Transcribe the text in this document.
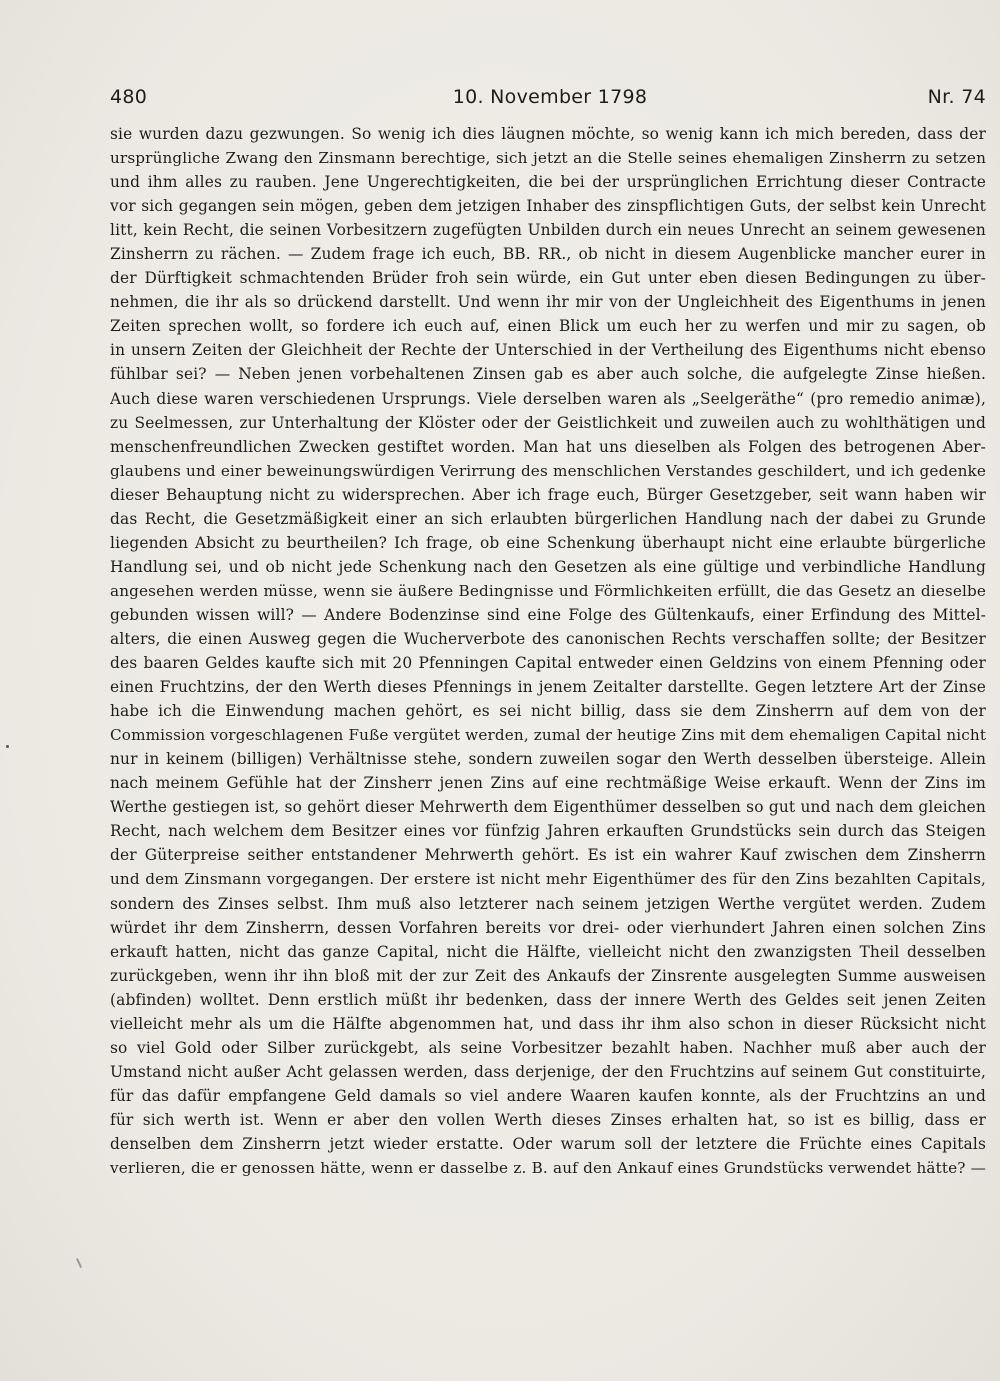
480	10. November 1798	Nr. 74
sie wurden dazu gezwungen. So wenig ich dies läugnen möchte, so wenig kann ich mich bereden, dass der
ursprüngliche Zwang den Zinsmann berechtige, sich jetzt an die Stelle seines ehemaligen Zinsherrn zu setzen
und ihm alles zu rauben. Jene Ungerechtigkeiten, die bei der ursprünglichen Errichtung dieser Contracte
vor sich gegangen sein mögen, geben dem jetzigen Inhaber des zinspflichtigen Guts, der selbst kein Unrecht
litt, kein Recht, die seinen Vorbesitzern zugefügten Unbilden durch ein neues Unrecht an seinem gewesenen
Zinsherrn zu rächen. — Zudem frage ich euch, BB. RR., ob nicht in diesem Augenblicke mancher eurer in
der Dürftigkeit schmachtenden Brüder froh sein würde, ein Gut unter eben diesen Bedingungen zu über-
nehmen, die ihr als so drückend darstellt. Und wenn ihr mir von der Ungleichheit des Eigenthums in jenen
Zeiten sprechen wollt, so fordere ich euch auf, einen Blick um euch her zu werfen und mir zu sagen, ob
in unsern Zeiten der Gleichheit der Rechte der Unterschied in der Vertheilung des Eigenthums nicht ebenso
fühlbar sei? — Neben jenen vorbehaltenen Zinsen gab es aber auch solche, die aufgelegte Zinse hießen.
Auch diese waren verschiedenen Ursprungs. Viele derselben waren als „Seelgeräthe“ (pro remedio animæ),
zu Seelmessen, zur Unterhaltung der Klöster oder der Geistlichkeit und zuweilen auch zu wohlthätigen und
menschenfreundlichen Zwecken gestiftet worden. Man hat uns dieselben als Folgen des betrogenen Aber-
glaubens und einer beweinungswürdigen Verirrung des menschlichen Verstandes geschildert, und ich gedenke
dieser Behauptung nicht zu widersprechen. Aber ich frage euch, Bürger Gesetzgeber, seit wann haben wir
das Recht, die Gesetzmäßigkeit einer an sich erlaubten bürgerlichen Handlung nach der dabei zu Grunde
liegenden Absicht zu beurtheilen? Ich frage, ob eine Schenkung überhaupt nicht eine erlaubte bürgerliche
Handlung sei, und ob nicht jede Schenkung nach den Gesetzen als eine gültige und verbindliche Handlung
angesehen werden müsse, wenn sie äußere Bedingnisse und Förmlichkeiten erfüllt, die das Gesetz an dieselbe
gebunden wissen will? — Andere Bodenzinse sind eine Folge des Gültenkaufs, einer Erfindung des Mittel-
alters, die einen Ausweg gegen die Wucherverbote des canonischen Rechts verschaffen sollte; der Besitzer
des baaren Geldes kaufte sich mit 20 Pfenningen Capital entweder einen Geldzins von einem Pfenning oder
einen Fruchtzins, der den Werth dieses Pfennings in jenem Zeitalter darstellte. Gegen letztere Art der Zinse
habe ich die Einwendung machen gehört, es sei nicht billig, dass sie dem Zinsherrn auf dem von der
Commission vorgeschlagenen Fuße vergütet werden, zumal der heutige Zins mit dem ehemaligen Capital nicht
nur in keinem (billigen) Verhältnisse stehe, sondern zuweilen sogar den Werth desselben übersteige. Allein
nach meinem Gefühle hat der Zinsherr jenen Zins auf eine rechtmäßige Weise erkauft. Wenn der Zins im
Werthe gestiegen ist, so gehört dieser Mehrwerth dem Eigenthümer desselben so gut und nach dem gleichen
Recht, nach welchem dem Besitzer eines vor fünfzig Jahren erkauften Grundstücks sein durch das Steigen
der Güterpreise seither entstandener Mehrwerth gehört. Es ist ein wahrer Kauf zwischen dem Zinsherrn
und dem Zinsmann vorgegangen. Der erstere ist nicht mehr Eigenthümer des für den Zins bezahlten Capitals,
sondern des Zinses selbst. Ihm muß also letzterer nach seinem jetzigen Werthe vergütet werden. Zudem
würdet ihr dem Zinsherrn, dessen Vorfahren bereits vor drei- oder vierhundert Jahren einen solchen Zins
erkauft hatten, nicht das ganze Capital, nicht die Hälfte, vielleicht nicht den zwanzigsten Theil desselben
zurückgeben, wenn ihr ihn bloß mit der zur Zeit des Ankaufs der Zinsrente ausgelegten Summe ausweisen
(abfinden) wolltet. Denn erstlich müßt ihr bedenken, dass der innere Werth des Geldes seit jenen Zeiten
vielleicht mehr als um die Hälfte abgenommen hat, und dass ihr ihm also schon in dieser Rücksicht nicht
so viel Gold oder Silber zurückgebt, als seine Vorbesitzer bezahlt haben. Nachher muß aber auch der
Umstand nicht außer Acht gelassen werden, dass derjenige, der den Fruchtzins auf seinem Gut constituirte,
für das dafür empfangene Geld damals so viel andere Waaren kaufen konnte, als der Fruchtzins an und
für sich werth ist. Wenn er aber den vollen Werth dieses Zinses erhalten hat, so ist es billig, dass er
denselben dem Zinsherrn jetzt wieder erstatte. Oder warum soll der letztere die Früchte eines Capitals
verlieren, die er genossen hätte, wenn er dasselbe z. B. auf den Ankauf eines Grundstücks verwendet hätte? —
